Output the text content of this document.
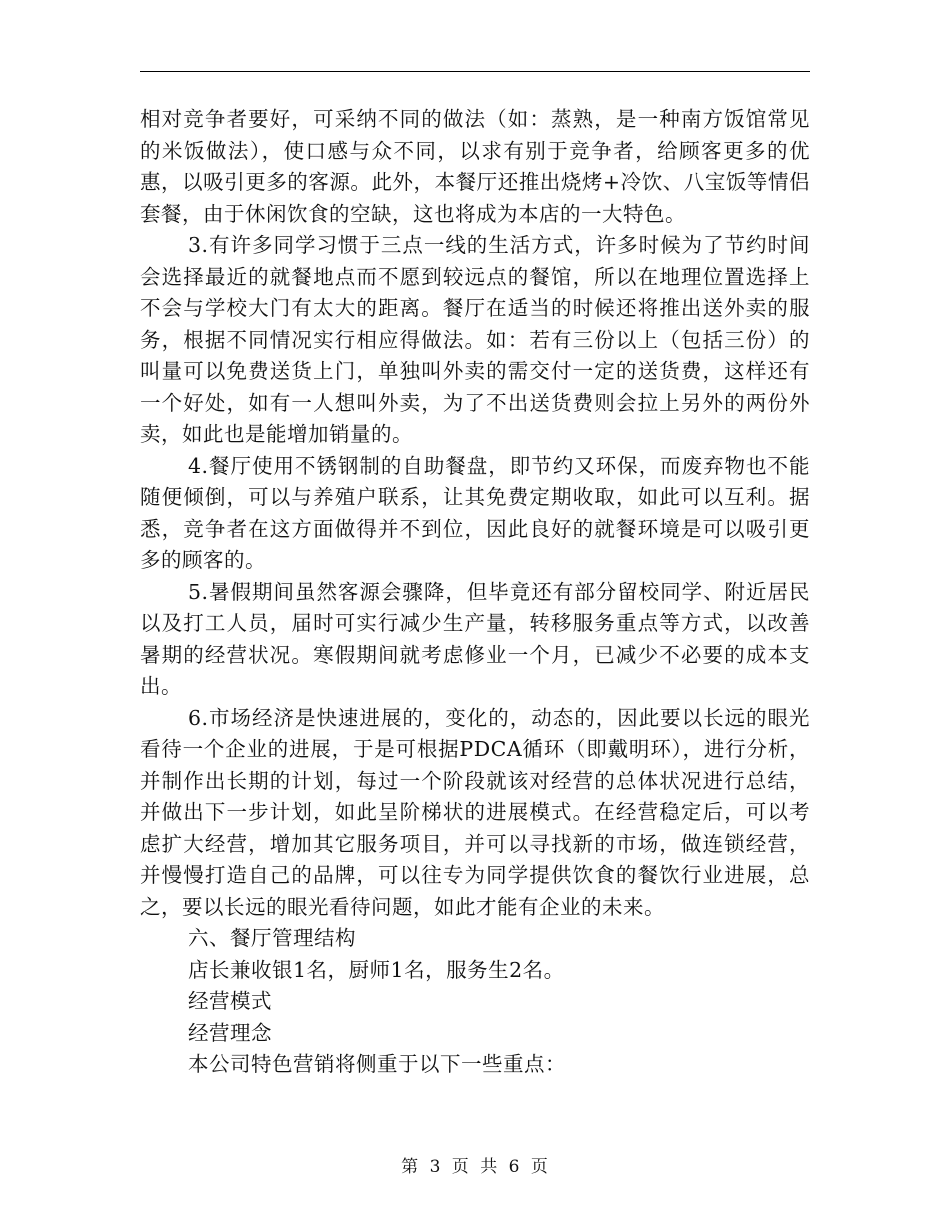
相对竞争者要好，可采纳不同的做法（如：蒸熟，是一种南方饭馆常见的米饭做法），使口感与众不同，以求有别于竞争者，给顾客更多的优惠，以吸引更多的客源。此外，本餐厅还推出烧烤+冷饮、八宝饭等情侣套餐，由于休闲饮食的空缺，这也将成为本店的一大特色。

3.有许多同学习惯于三点一线的生活方式，许多时候为了节约时间会选择最近的就餐地点而不愿到较远点的餐馆，所以在地理位置选择上不会与学校大门有太大的距离。餐厅在适当的时候还将推出送外卖的服务，根据不同情况实行相应得做法。如：若有三份以上（包括三份）的叫量可以免费送货上门，单独叫外卖的需交付一定的送货费，这样还有一个好处，如有一人想叫外卖，为了不出送货费则会拉上另外的两份外卖，如此也是能增加销量的。

4.餐厅使用不锈钢制的自助餐盘，即节约又环保，而废弃物也不能随便倾倒，可以与养殖户联系，让其免费定期收取，如此可以互利。据悉，竞争者在这方面做得并不到位，因此良好的就餐环境是可以吸引更多的顾客的。

5.暑假期间虽然客源会骤降，但毕竟还有部分留校同学、附近居民以及打工人员，届时可实行减少生产量，转移服务重点等方式，以改善暑期的经营状况。寒假期间就考虑修业一个月，已减少不必要的成本支出。

6.市场经济是快速进展的，变化的，动态的，因此要以长远的眼光看待一个企业的进展，于是可根据PDCA循环（即戴明环），进行分析，并制作出长期的计划，每过一个阶段就该对经营的总体状况进行总结，并做出下一步计划，如此呈阶梯状的进展模式。在经营稳定后，可以考虑扩大经营，增加其它服务项目，并可以寻找新的市场，做连锁经营，并慢慢打造自己的品牌，可以往专为同学提供饮食的餐饮行业进展，总之，要以长远的眼光看待问题，如此才能有企业的未来。

六、餐厅管理结构

店长兼收银1名，厨师1名，服务生2名。

经营模式

经营理念

本公司特色营销将侧重于以下一些重点：

第 3 页 共 6 页
